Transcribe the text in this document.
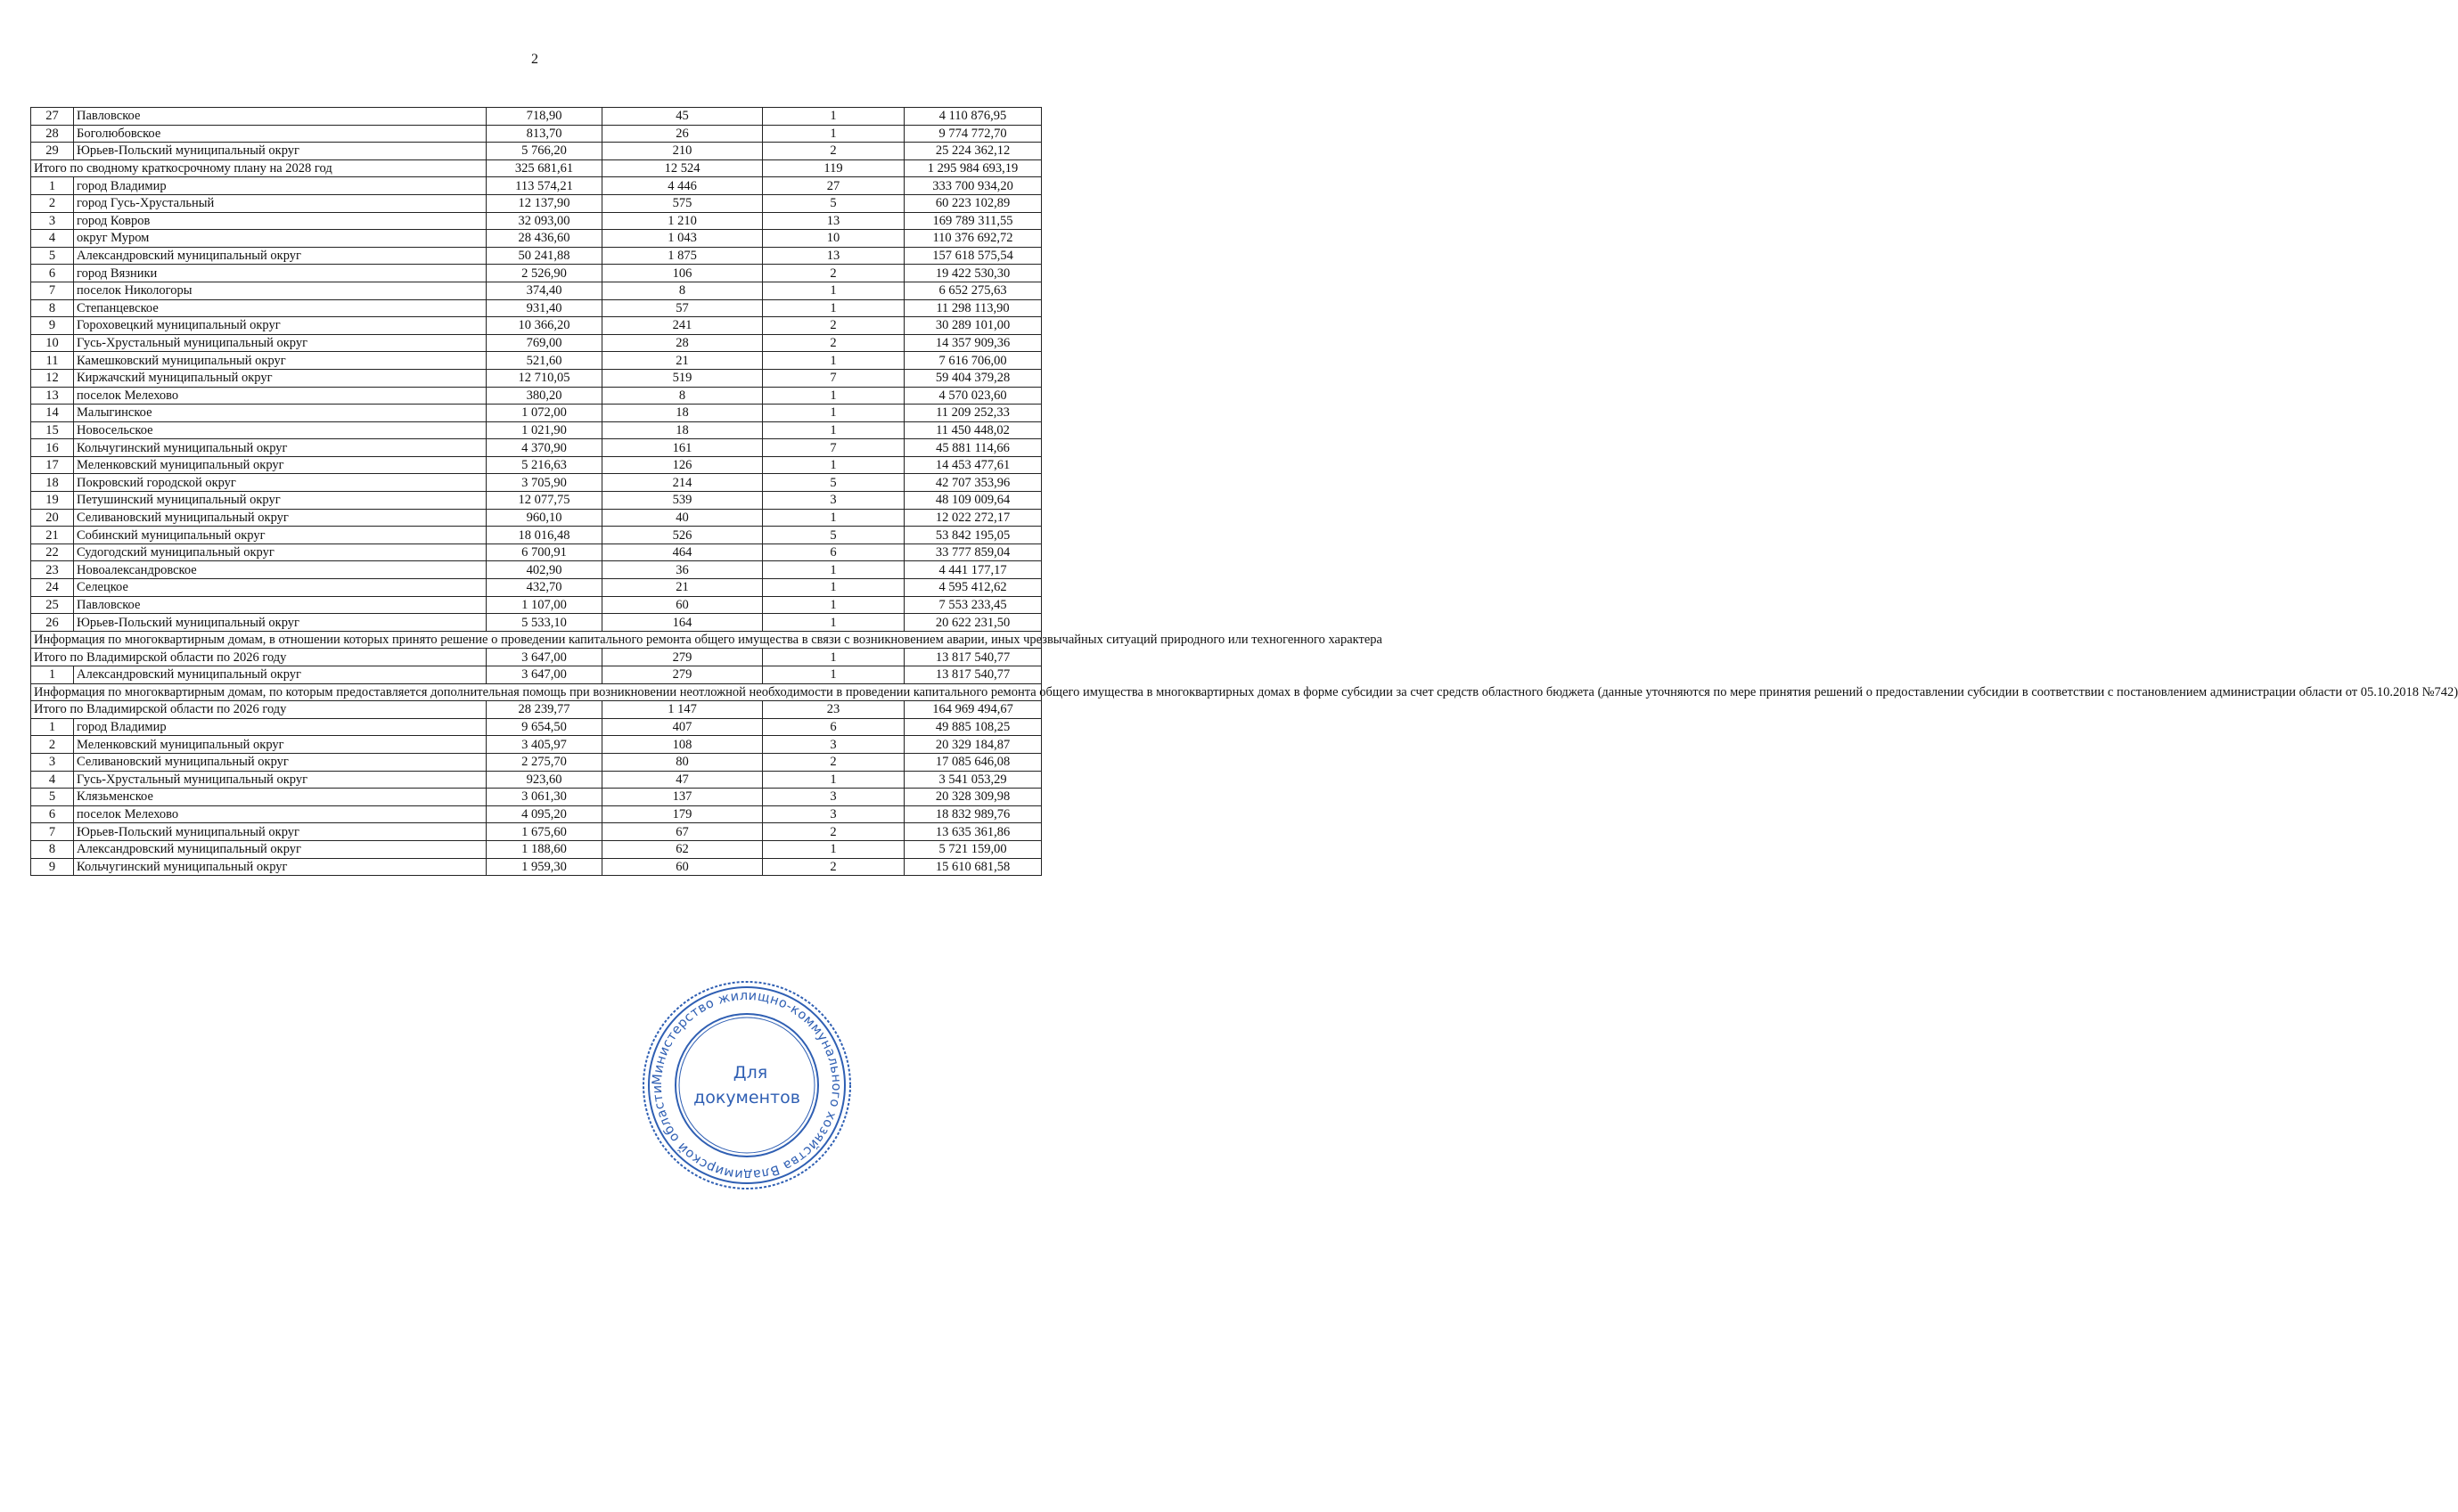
2
27	Павловское	718,90	45	1	4 110 876,95
28	Боголюбовское	813,70	26	1	9 774 772,70
29	Юрьев-Польский муниципальный округ	5 766,20	210	2	25 224 362,12
Итого по сводному краткосрочному плану на 2028 год		325 681,61	12 524	119	1 295 984 693,19
1	город Владимир	113 574,21	4 446	27	333 700 934,20
2	город Гусь-Хрустальный	12 137,90	575	5	60 223 102,89
3	город Ковров	32 093,00	1 210	13	169 789 311,55
4	округ Муром	28 436,60	1 043	10	110 376 692,72
5	Александровский муниципальный округ	50 241,88	1 875	13	157 618 575,54
6	город Вязники	2 526,90	106	2	19 422 530,30
7	поселок Никологоры	374,40	8	1	6 652 275,63
8	Степанцевское	931,40	57	1	11 298 113,90
9	Гороховецкий муниципальный округ	10 366,20	241	2	30 289 101,00
10	Гусь-Хрустальный муниципальный округ	769,00	28	2	14 357 909,36
11	Камешковский муниципальный округ	521,60	21	1	7 616 706,00
12	Киржачский муниципальный округ	12 710,05	519	7	59 404 379,28
13	поселок Мелехово	380,20	8	1	4 570 023,60
14	Малыгинское	1 072,00	18	1	11 209 252,33
15	Новосельское	1 021,90	18	1	11 450 448,02
16	Кольчугинский муниципальный округ	4 370,90	161	7	45 881 114,66
17	Меленковский муниципальный округ	5 216,63	126	1	14 453 477,61
18	Покровский городской округ	3 705,90	214	5	42 707 353,96
19	Петушинский муниципальный округ	12 077,75	539	3	48 109 009,64
20	Селивановский муниципальный округ	960,10	40	1	12 022 272,17
21	Собинский муниципальный округ	18 016,48	526	5	53 842 195,05
22	Судогодский муниципальный округ	6 700,91	464	6	33 777 859,04
23	Новоалександровское	402,90	36	1	4 441 177,17
24	Селецкое	432,70	21	1	4 595 412,62
25	Павловское	1 107,00	60	1	7 553 233,45
26	Юрьев-Польский муниципальный округ	5 533,10	164	1	20 622 231,50
Информация по многоквартирным домам, в отношении которых принято решение о проведении капитального ремонта общего имущества в связи с возникновением аварии, иных чрезвычайных ситуаций природного или техногенного характера					
Итого по Владимирской области по 2026 году		3 647,00	279	1	13 817 540,77
1	Александровский муниципальный округ	3 647,00	279	1	13 817 540,77
Информация по многоквартирным домам, по которым предоставляется дополнительная помощь при возникновении неотложной необходимости в проведении капитального ремонта общего имущества в многоквартирных домах в форме субсидии за счет средств областного бюджета (данные уточняются по мере принятия решений о предоставлении субсидии в соответствии с постановлением администрации области от 05.10.2018 №742)					
Итого по Владимирской области по 2026 году		28 239,77	1 147	23	164 969 494,67
1	город Владимир	9 654,50	407	6	49 885 108,25
2	Меленковский муниципальный округ	3 405,97	108	3	20 329 184,87
3	Селивановский муниципальный округ	2 275,70	80	2	17 085 646,08
4	Гусь-Хрустальный муниципальный округ	923,60	47	1	3 541 053,29
5	Клязьменское	3 061,30	137	3	20 328 309,98
6	поселок Мелехово	4 095,20	179	3	18 832 989,76
7	Юрьев-Польский муниципальный округ	1 675,60	67	2	13 635 361,86
8	Александровский муниципальный округ	1 188,60	62	1	5 721 159,00
9	Кольчугинский муниципальный округ	1 959,30	60	2	15 610 681,58
Министерство жилищно-коммунального хозяйства Владимирской области
Для
документов
